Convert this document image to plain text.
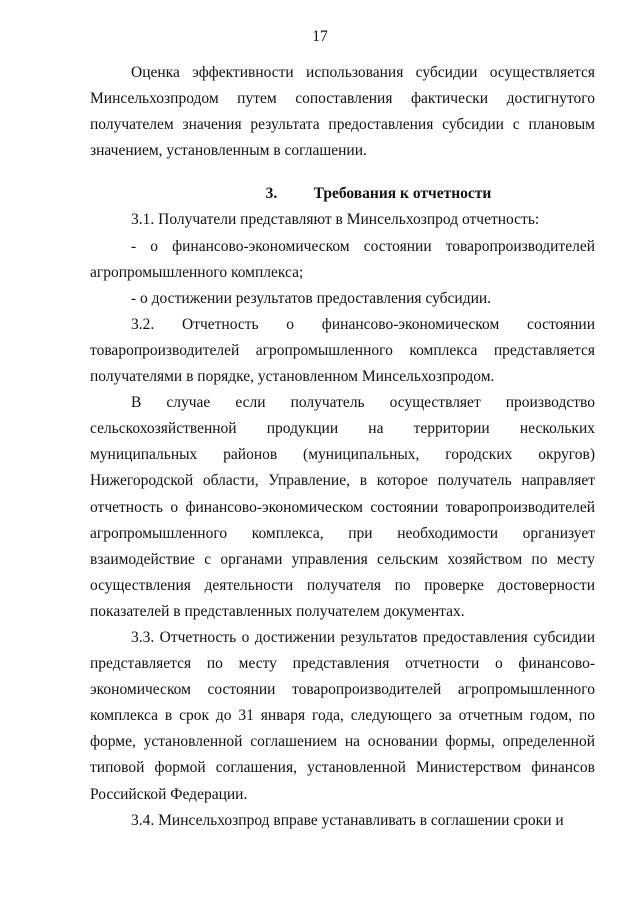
17

Оценка эффективности использования субсидии осуществляется Минсельхозпродом путем сопоставления фактически достигнутого получателем значения результата предоставления субсидии с плановым значением, установленным в соглашении.

3. Требования к отчетности

3.1. Получатели представляют в Минсельхозпрод отчетность:

- о финансово-экономическом состоянии товаропроизводителей агропромышленного комплекса;

- о достижении результатов предоставления субсидии.

3.2. Отчетность о финансово-экономическом состоянии товаропроизводителей агропромышленного комплекса представляется получателями в порядке, установленном Минсельхозпродом.

В случае если получатель осуществляет производство сельскохозяйственной продукции на территории нескольких муниципальных районов (муниципальных, городских округов) Нижегородской области, Управление, в которое получатель направляет отчетность о финансово-экономическом состоянии товаропроизводителей агропромышленного комплекса, при необходимости организует взаимодействие с органами управления сельским хозяйством по месту осуществления деятельности получателя по проверке достоверности показателей в представленных получателем документах.

3.3. Отчетность о достижении результатов предоставления субсидии представляется по месту представления отчетности о финансово-экономическом состоянии товаропроизводителей агропромышленного комплекса в срок до 31 января года, следующего за отчетным годом, по форме, установленной соглашением на основании формы, определенной типовой формой соглашения, установленной Министерством финансов Российской Федерации.

3.4. Минсельхозпрод вправе устанавливать в соглашении сроки и
